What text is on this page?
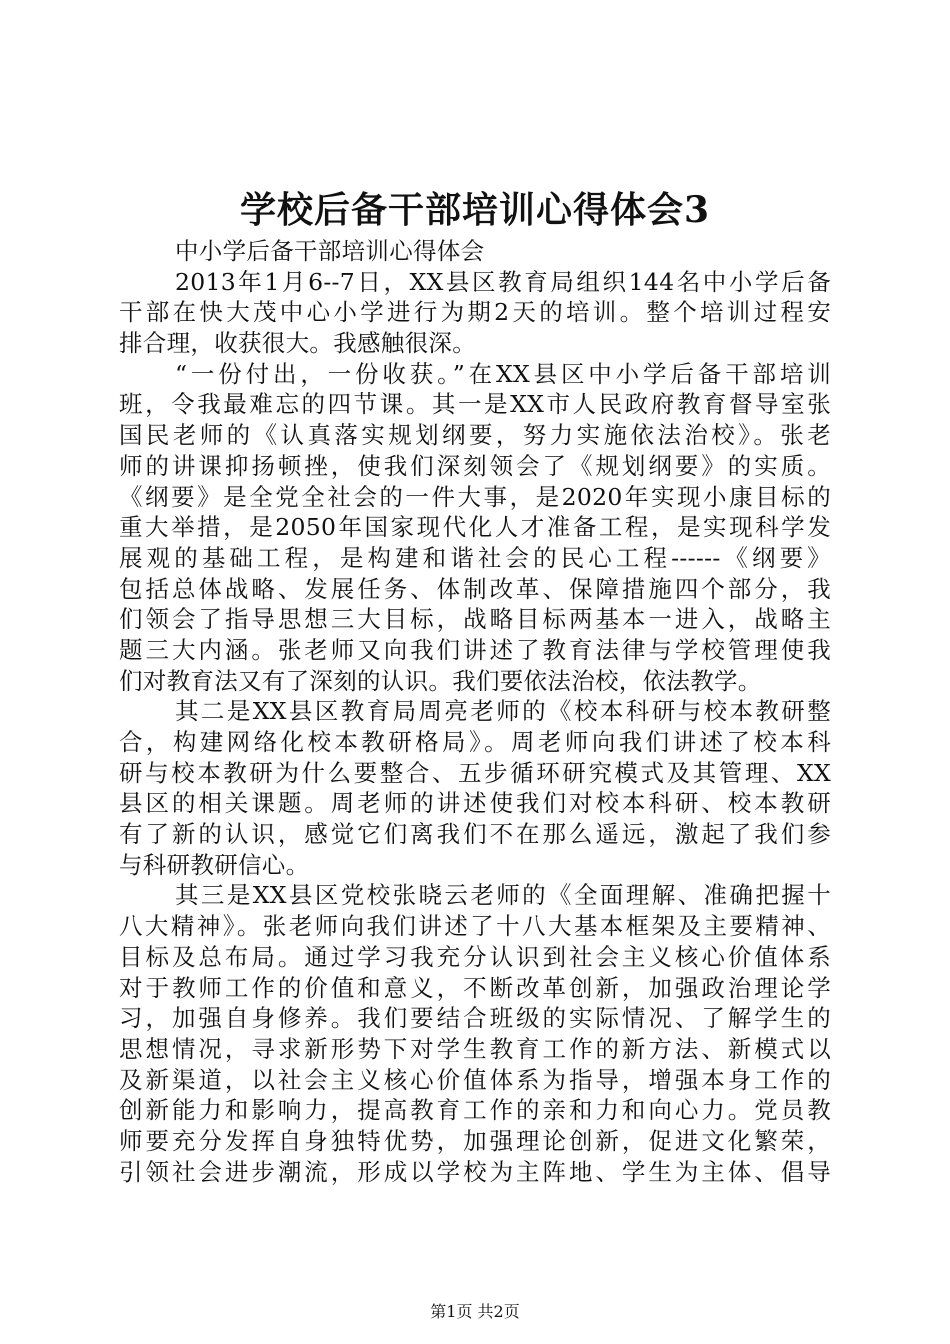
学校后备干部培训心得体会3
中小学后备干部培训心得体会
2013年1月6--7日，XX县区教育局组织144名中小学后备
干部在快大茂中心小学进行为期2天的培训。整个培训过程安
排合理，收获很大。我感触很深。
“一份付出，一份收获。”在XX县区中小学后备干部培训
班，令我最难忘的四节课。其一是XX市人民政府教育督导室张
国民老师的《认真落实规划纲要，努力实施依法治校》。张老
师的讲课抑扬顿挫，使我们深刻领会了《规划纲要》的实质。
《纲要》是全党全社会的一件大事，是2020年实现小康目标的
重大举措，是2050年国家现代化人才准备工程，是实现科学发
展观的基础工程，是构建和谐社会的民心工程------《纲要》
包括总体战略、发展任务、体制改革、保障措施四个部分，我
们领会了指导思想三大目标，战略目标两基本一进入，战略主
题三大内涵。张老师又向我们讲述了教育法律与学校管理使我
们对教育法又有了深刻的认识。我们要依法治校，依法教学。
其二是XX县区教育局周亮老师的《校本科研与校本教研整
合，构建网络化校本教研格局》。周老师向我们讲述了校本科
研与校本教研为什么要整合、五步循环研究模式及其管理、XX
县区的相关课题。周老师的讲述使我们对校本科研、校本教研
有了新的认识，感觉它们离我们不在那么遥远，激起了我们参
与科研教研信心。
其三是XX县区党校张晓云老师的《全面理解、准确把握十
八大精神》。张老师向我们讲述了十八大基本框架及主要精神、
目标及总布局。通过学习我充分认识到社会主义核心价值体系
对于教师工作的价值和意义，不断改革创新，加强政治理论学
习，加强自身修养。我们要结合班级的实际情况、了解学生的
思想情况，寻求新形势下对学生教育工作的新方法、新模式以
及新渠道，以社会主义核心价值体系为指导，增强本身工作的
创新能力和影响力，提高教育工作的亲和力和向心力。党员教
师要充分发挥自身独特优势，加强理论创新，促进文化繁荣，
引领社会进步潮流，形成以学校为主阵地、学生为主体、倡导
第1页 共2页
